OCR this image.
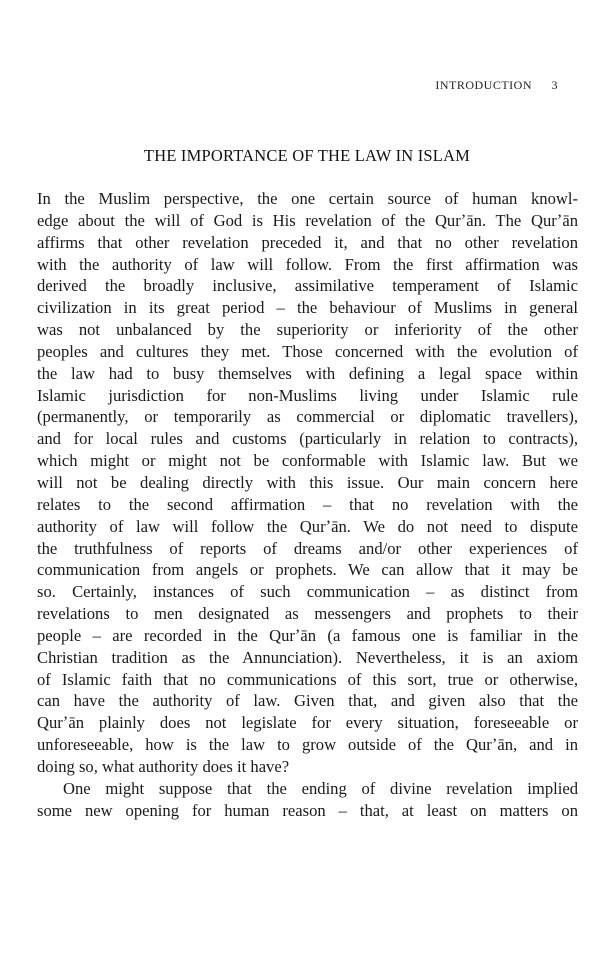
INTRODUCTION 3
THE IMPORTANCE OF THE LAW IN ISLAM
In the Muslim perspective, the one certain source of human knowl-
edge about the will of God is His revelation of the Qurʼān. The Qurʼān
affirms that other revelation preceded it, and that no other revelation
with the authority of law will follow. From the first affirmation was
derived the broadly inclusive, assimilative temperament of Islamic
civilization in its great period – the behaviour of Muslims in general
was not unbalanced by the superiority or inferiority of the other
peoples and cultures they met. Those concerned with the evolution of
the law had to busy themselves with defining a legal space within
Islamic jurisdiction for non-Muslims living under Islamic rule
(permanently, or temporarily as commercial or diplomatic travellers),
and for local rules and customs (particularly in relation to contracts),
which might or might not be conformable with Islamic law. But we
will not be dealing directly with this issue. Our main concern here
relates to the second affirmation – that no revelation with the
authority of law will follow the Qurʼān. We do not need to dispute
the truthfulness of reports of dreams and/or other experiences of
communication from angels or prophets. We can allow that it may be
so. Certainly, instances of such communication – as distinct from
revelations to men designated as messengers and prophets to their
people – are recorded in the Qurʼān (a famous one is familiar in the
Christian tradition as the Annunciation). Nevertheless, it is an axiom
of Islamic faith that no communications of this sort, true or otherwise,
can have the authority of law. Given that, and given also that the
Qurʼān plainly does not legislate for every situation, foreseeable or
unforeseeable, how is the law to grow outside of the Qurʼān, and in
doing so, what authority does it have?
One might suppose that the ending of divine revelation implied
some new opening for human reason – that, at least on matters on
